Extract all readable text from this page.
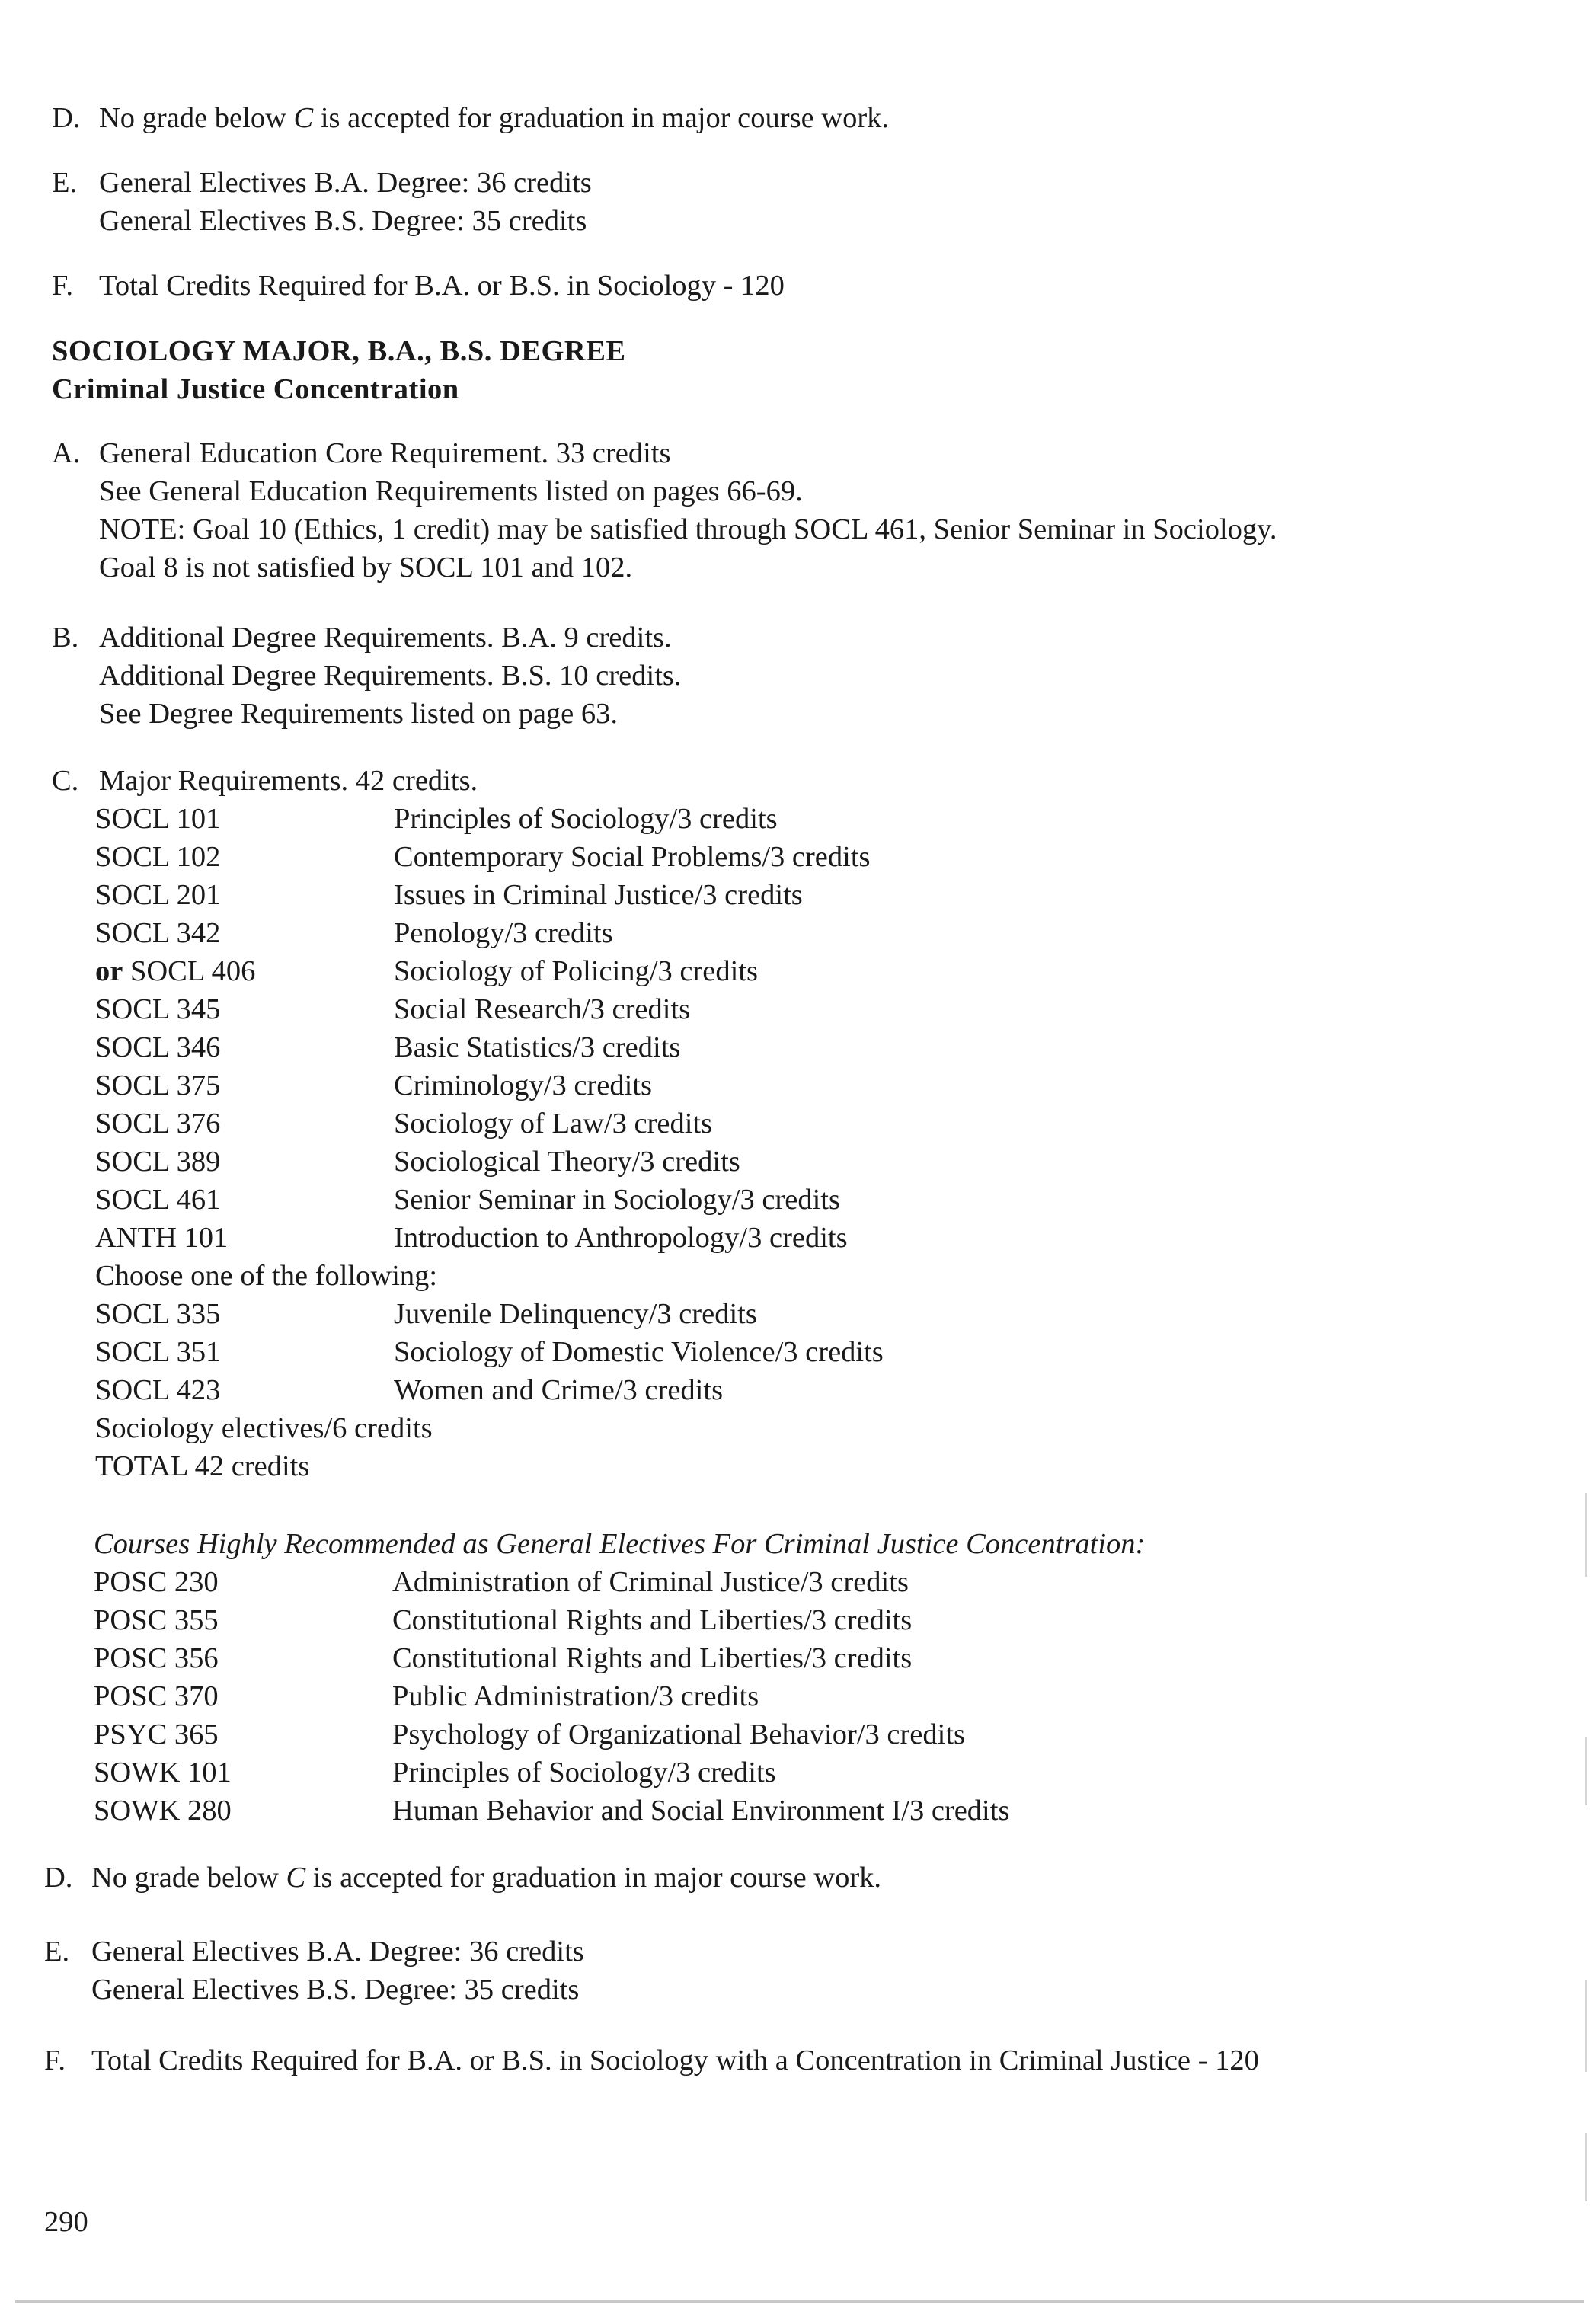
D. No grade below C is accepted for graduation in major course work.
E. General Electives B.A. Degree: 36 credits
General Electives B.S. Degree: 35 credits
F. Total Credits Required for B.A. or B.S. in Sociology - 120
SOCIOLOGY MAJOR, B.A., B.S. DEGREE
Criminal Justice Concentration
A. General Education Core Requirement. 33 credits
See General Education Requirements listed on pages 66-69.
NOTE: Goal 10 (Ethics, 1 credit) may be satisfied through SOCL 461, Senior Seminar in Sociology.
Goal 8 is not satisfied by SOCL 101 and 102.
B. Additional Degree Requirements. B.A. 9 credits.
Additional Degree Requirements. B.S. 10 credits.
See Degree Requirements listed on page 63.
C. Major Requirements. 42 credits.
SOCL 101	Principles of Sociology/3 credits
SOCL 102	Contemporary Social Problems/3 credits
SOCL 201	Issues in Criminal Justice/3 credits
SOCL 342	Penology/3 credits
or SOCL 406	Sociology of Policing/3 credits
SOCL 345	Social Research/3 credits
SOCL 346	Basic Statistics/3 credits
SOCL 375	Criminology/3 credits
SOCL 376	Sociology of Law/3 credits
SOCL 389	Sociological Theory/3 credits
SOCL 461	Senior Seminar in Sociology/3 credits
ANTH 101	Introduction to Anthropology/3 credits
Choose one of the following:
SOCL 335	Juvenile Delinquency/3 credits
SOCL 351	Sociology of Domestic Violence/3 credits
SOCL 423	Women and Crime/3 credits
Sociology electives/6 credits
TOTAL 42 credits
Courses Highly Recommended as General Electives For Criminal Justice Concentration:
POSC 230	Administration of Criminal Justice/3 credits
POSC 355	Constitutional Rights and Liberties/3 credits
POSC 356	Constitutional Rights and Liberties/3 credits
POSC 370	Public Administration/3 credits
PSYC 365	Psychology of Organizational Behavior/3 credits
SOWK 101	Principles of Sociology/3 credits
SOWK 280	Human Behavior and Social Environment I/3 credits
D. No grade below C is accepted for graduation in major course work.
E. General Electives B.A. Degree: 36 credits
General Electives B.S. Degree: 35 credits
F. Total Credits Required for B.A. or B.S. in Sociology with a Concentration in Criminal Justice - 120
290
